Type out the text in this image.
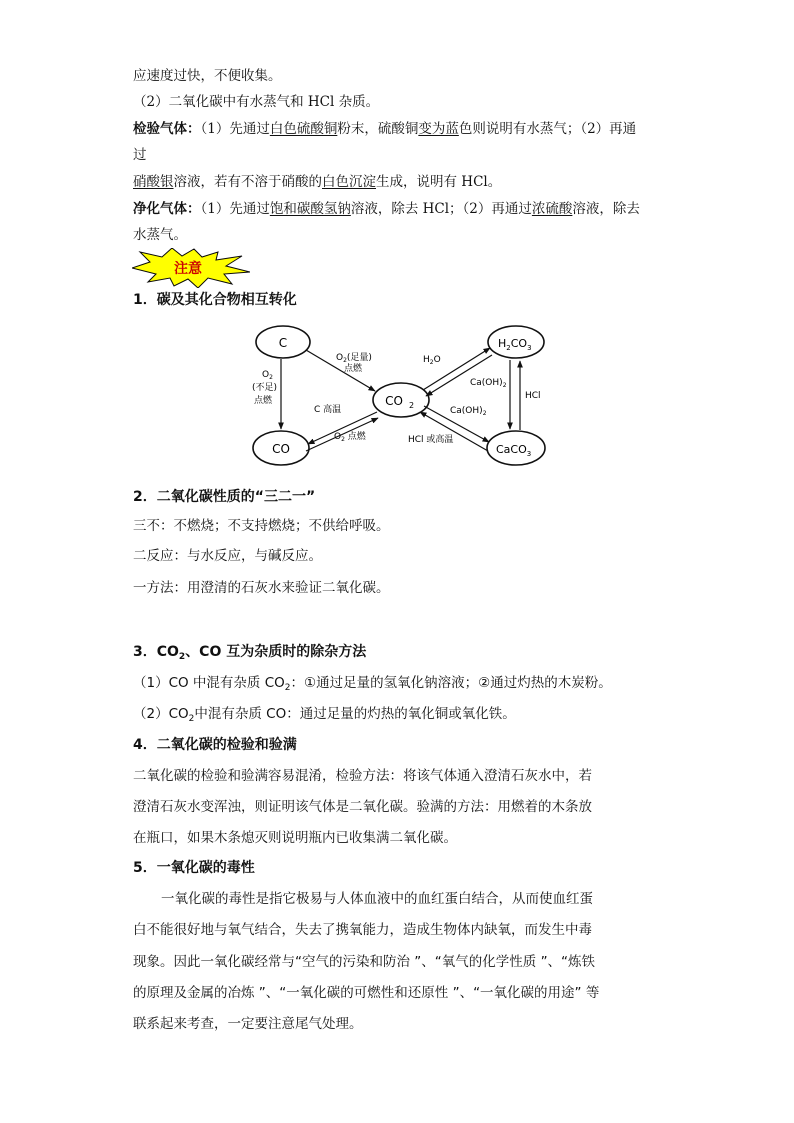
应速度过快，不便收集。
（2）二氧化碳中有水蒸气和 HCl 杂质。
检验气体：（1）先通过白色硫酸铜粉末，硫酸铜变为蓝色则说明有水蒸气；（2）再通
过
硝酸银溶液，若有不溶于硝酸的白色沉淀生成，说明有 HCl。
净化气体：（1）先通过饱和碳酸氢钠溶液，除去 HCl；（2）再通过浓硫酸溶液，除去
水蒸气。
注意
1．碳及其化合物相互转化
C
CO
CO 2
$H_2CO_3$
CaCO$_3$
$O_2$(足量)
点燃
$O_2$
(不足)
点燃
C 高温
$O_2$ 点燃
$H_2O$
$Ca(OH)_2$
$Ca(OH)_2$
HCl
HCl 或高温
2．二氧化碳性质的“三二一”
三不：不燃烧；不支持燃烧；不供给呼吸。
二反应：与水反应，与碱反应。
一方法：用澄清的石灰水来验证二氧化碳。
3．$CO_2$、CO 互为杂质时的除杂方法
（1）CO 中混有杂质 $CO_2$：①通过足量的氢氧化钠溶液；②通过灼热的木炭粉。
$(2)CO_2$中混有杂质 CO：通过足量的灼热的氧化铜或氧化铁。
4．二氧化碳的检验和验满
二氧化碳的检验和验满容易混淆，检验方法：将该气体通入澄清石灰水中，若
澄清石灰水变浑浊，则证明该气体是二氧化碳。验满的方法：用燃着的木条放
在瓶口，如果木条熄灭则说明瓶内已收集满二氧化碳。
5．一氧化碳的毒性
一氧化碳的毒性是指它极易与人体血液中的血红蛋白结合，从而使血红蛋
白不能很好地与氧气结合，失去了携氧能力，造成生物体内缺氧，而发生中毒
现象。因此一氧化碳经常与“空气的污染和防治 ”、“氧气的化学性质 ”、“炼铁
的原理及金属的冶炼 ”、“一氧化碳的可燃性和还原性 ”、“一氧化碳的用途” 等
联系起来考查，一定要注意尾气处理。
